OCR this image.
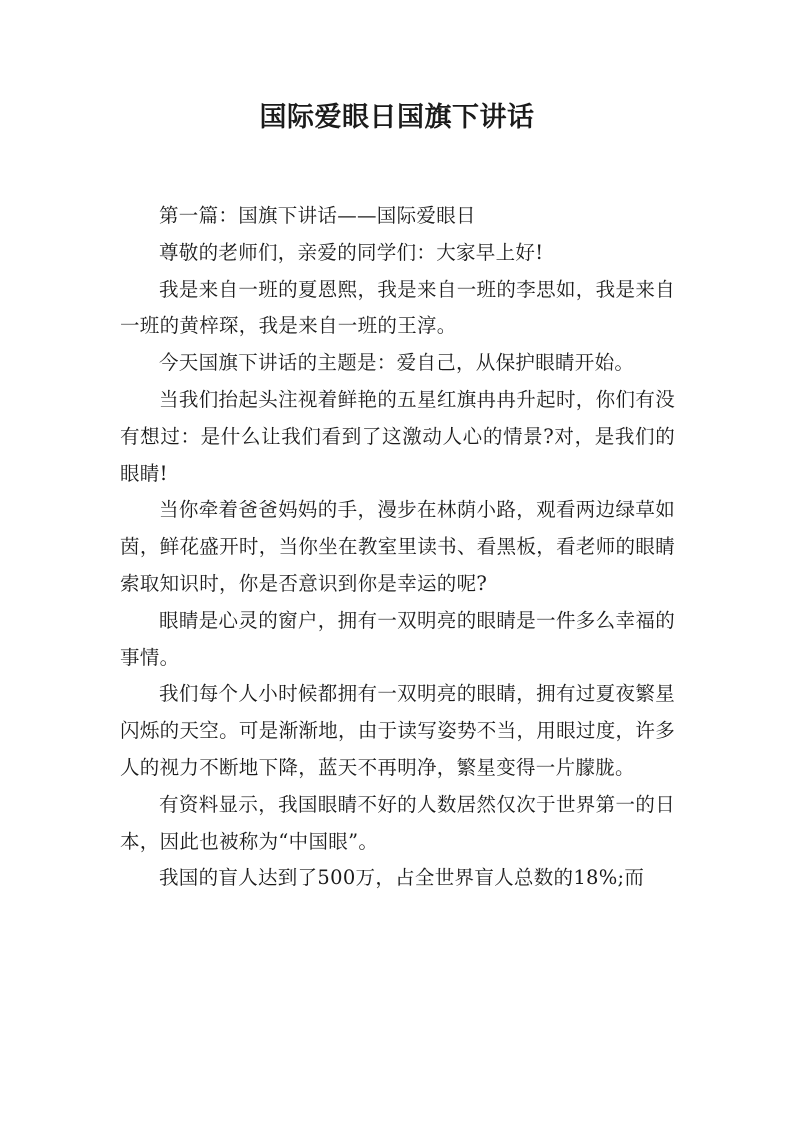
国际爱眼日国旗下讲话

第一篇：国旗下讲话——国际爱眼日

尊敬的老师们，亲爱的同学们：大家早上好!

我是来自一班的夏恩熙，我是来自一班的李思如，我是来自一班的黄梓琛，我是来自一班的王淳。

今天国旗下讲话的主题是：爱自己，从保护眼睛开始。

当我们抬起头注视着鲜艳的五星红旗冉冉升起时，你们有没有想过：是什么让我们看到了这激动人心的情景?对，是我们的眼睛!

当你牵着爸爸妈妈的手，漫步在林荫小路，观看两边绿草如茵，鲜花盛开时，当你坐在教室里读书、看黑板，看老师的眼睛索取知识时，你是否意识到你是幸运的呢?

眼睛是心灵的窗户，拥有一双明亮的眼睛是一件多么幸福的事情。

我们每个人小时候都拥有一双明亮的眼睛，拥有过夏夜繁星闪烁的天空。可是渐渐地，由于读写姿势不当，用眼过度，许多人的视力不断地下降，蓝天不再明净，繁星变得一片朦胧。

有资料显示，我国眼睛不好的人数居然仅次于世界第一的日本，因此也被称为“中国眼”。

我国的盲人达到了500万，占全世界盲人总数的18%;而
